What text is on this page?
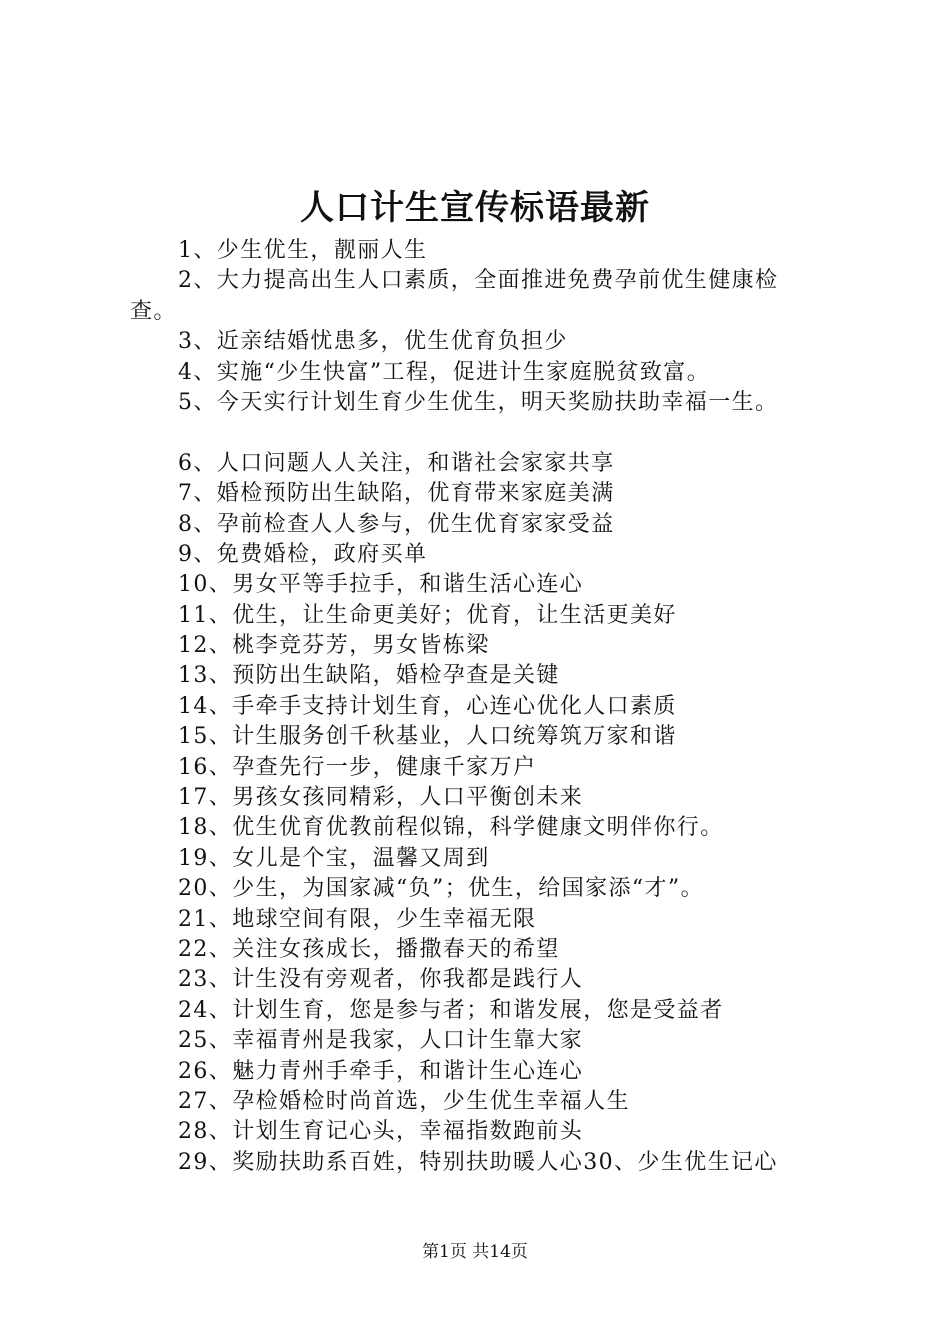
人口计生宣传标语最新
1、少生优生，靓丽人生
2、大力提高出生人口素质，全面推进免费孕前优生健康检
查。
3、近亲结婚忧患多，优生优育负担少
4、实施“少生快富”工程，促进计生家庭脱贫致富。
5、今天实行计划生育少生优生，明天奖励扶助幸福一生。
6、人口问题人人关注，和谐社会家家共享
7、婚检预防出生缺陷，优育带来家庭美满
8、孕前检查人人参与，优生优育家家受益
9、免费婚检，政府买单
10、男女平等手拉手，和谐生活心连心
11、优生，让生命更美好；优育，让生活更美好
12、桃李竞芬芳，男女皆栋梁
13、预防出生缺陷，婚检孕查是关键
14、手牵手支持计划生育，心连心优化人口素质
15、计生服务创千秋基业，人口统筹筑万家和谐
16、孕查先行一步，健康千家万户
17、男孩女孩同精彩，人口平衡创未来
18、优生优育优教前程似锦，科学健康文明伴你行。
19、女儿是个宝，温馨又周到
20、少生，为国家减“负”；优生，给国家添“才”。
21、地球空间有限，少生幸福无限
22、关注女孩成长，播撒春天的希望
23、计生没有旁观者，你我都是践行人
24、计划生育，您是参与者；和谐发展，您是受益者
25、幸福青州是我家，人口计生靠大家
26、魅力青州手牵手，和谐计生心连心
27、孕检婚检时尚首选，少生优生幸福人生
28、计划生育记心头，幸福指数跑前头
29、奖励扶助系百姓，特别扶助暖人心30、少生优生记心
第1页 共14页
